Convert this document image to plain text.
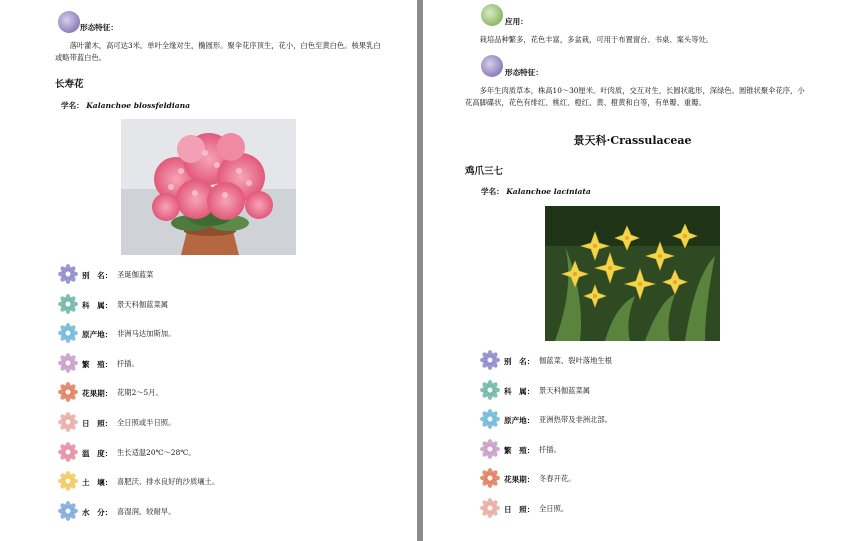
形态特征：
落叶灌木，高可达3米。单叶全缘对生，椭圆形。聚伞花序顶生，花小，白色至黄白色。核果乳白或略带蓝白色。
长寿花
学名： Kalanchoe blossfeldiana
别　名： 圣诞伽蓝菜
科　属： 景天科伽蓝菜属
原产地： 非洲马达加斯加。
繁　殖： 扦插。
花果期： 花期2～5月。
日　照： 全日照或半日照。
温　度： 生长适温20℃～28℃。
土　壤： 喜肥沃、排水良好的沙质壤土。
水　分： 喜湿润，较耐旱。
应用：
栽培品种繁多，花色丰富，多盆栽，可用于布置窗台、书桌、案头等处。
形态特征：
多年生肉质草本，株高10～30厘米。叶肉质，交互对生，长圆状匙形，深绿色。圆锥状聚伞花序，小花高脚碟状，花色有绯红、桃红、橙红、黄、橙黄和白等，有单瓣、重瓣。
景天科·Crassulaceae
鸡爪三七
学名： Kalanchoe laciniata
别　名： 伽蓝菜、裂叶落地生根
科　属： 景天科伽蓝菜属
原产地： 亚洲热带及非洲北部。
繁　殖： 扦插。
花果期： 冬春开花。
日　照： 全日照。
